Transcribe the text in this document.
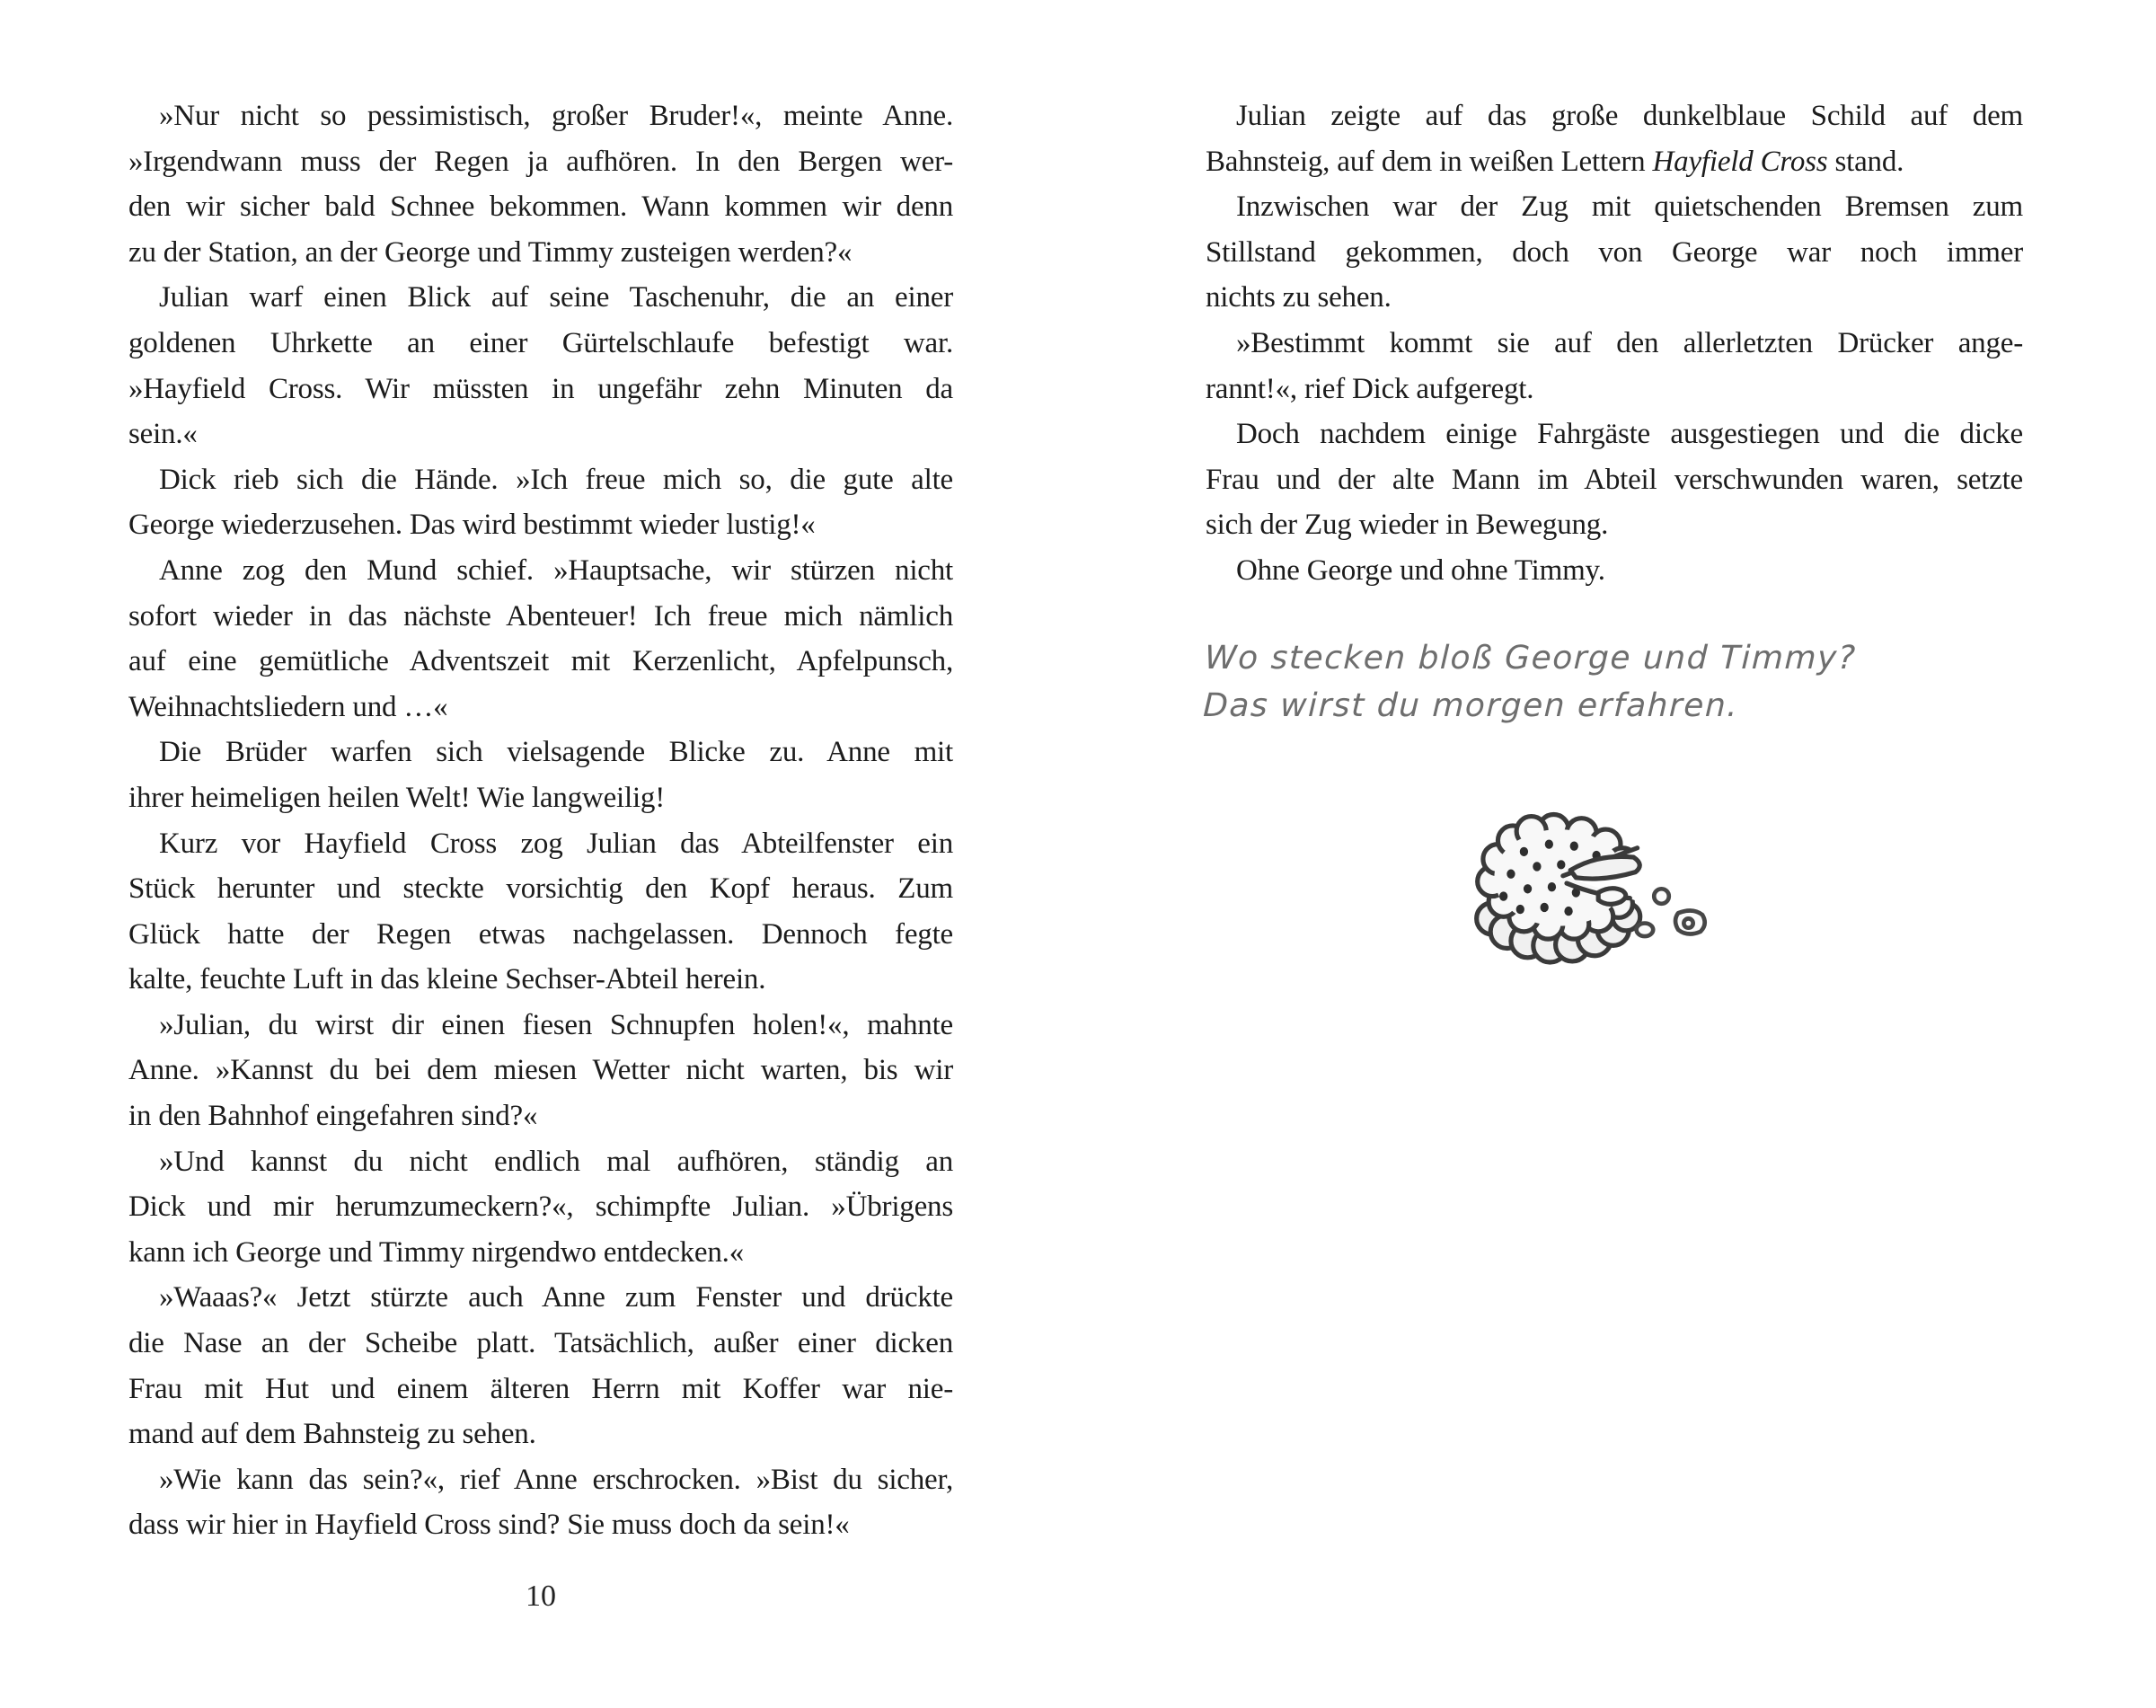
»Nur nicht so pessimistisch, großer Bruder!«, meinte Anne.
»Irgendwann muss der Regen ja aufhören. In den Bergen wer-
den wir sicher bald Schnee bekommen. Wann kommen wir denn
zu der Station, an der George und Timmy zusteigen werden?«
Julian warf einen Blick auf seine Taschenuhr, die an einer
goldenen Uhrkette an einer Gürtelschlaufe befestigt war.
»Hayfield Cross. Wir müssten in ungefähr zehn Minuten da
sein.«
Dick rieb sich die Hände. »Ich freue mich so, die gute alte
George wiederzusehen. Das wird bestimmt wieder lustig!«
Anne zog den Mund schief. »Hauptsache, wir stürzen nicht
sofort wieder in das nächste Abenteuer! Ich freue mich nämlich
auf eine gemütliche Adventszeit mit Kerzenlicht, Apfelpunsch,
Weihnachtsliedern und …«
Die Brüder warfen sich vielsagende Blicke zu. Anne mit
ihrer heimeligen heilen Welt! Wie langweilig!
Kurz vor Hayfield Cross zog Julian das Abteilfenster ein
Stück herunter und steckte vorsichtig den Kopf heraus. Zum
Glück hatte der Regen etwas nachgelassen. Dennoch fegte
kalte, feuchte Luft in das kleine Sechser-Abteil herein.
»Julian, du wirst dir einen fiesen Schnupfen holen!«, mahnte
Anne. »Kannst du bei dem miesen Wetter nicht warten, bis wir
in den Bahnhof eingefahren sind?«
»Und kannst du nicht endlich mal aufhören, ständig an
Dick und mir herumzumeckern?«, schimpfte Julian. »Übrigens
kann ich George und Timmy nirgendwo entdecken.«
»Waaas?« Jetzt stürzte auch Anne zum Fenster und drückte
die Nase an der Scheibe platt. Tatsächlich, außer einer dicken
Frau mit Hut und einem älteren Herrn mit Koffer war nie-
mand auf dem Bahnsteig zu sehen.
»Wie kann das sein?«, rief Anne erschrocken. »Bist du sicher,
dass wir hier in Hayfield Cross sind? Sie muss doch da sein!«
10
Julian zeigte auf das große dunkelblaue Schild auf dem
Bahnsteig, auf dem in weißen Lettern Hayfield Cross stand.
Inzwischen war der Zug mit quietschenden Bremsen zum
Stillstand gekommen, doch von George war noch immer
nichts zu sehen.
»Bestimmt kommt sie auf den allerletzten Drücker ange-
rannt!«, rief Dick aufgeregt.
Doch nachdem einige Fahrgäste ausgestiegen und die dicke
Frau und der alte Mann im Abteil verschwunden waren, setzte
sich der Zug wieder in Bewegung.
Ohne George und ohne Timmy.
Wo stecken bloß George und Timmy?
Das wirst du morgen erfahren.
